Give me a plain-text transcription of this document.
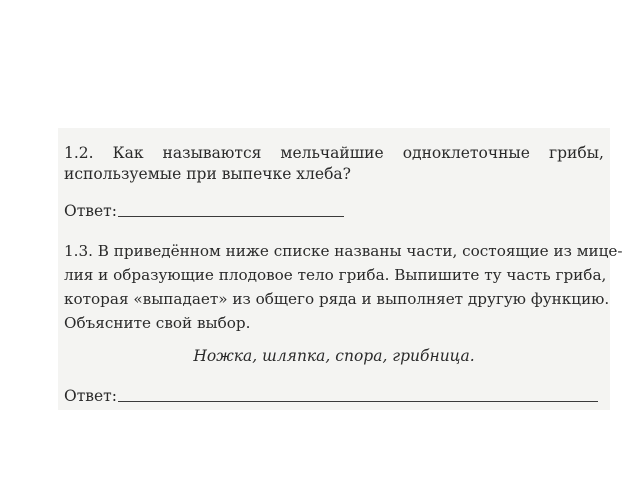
1.2. Как называются мельчайшие одноклеточные грибы,
используемые при выпечке хлеба?
Ответ:
1.3. В приведённом ниже списке названы части, состоящие из мице-
лия и образующие плодовое тело гриба. Выпишите ту часть гриба,
которая «выпадает» из общего ряда и выполняет другую функцию.
Объясните свой выбор.
Ножка, шляпка, спора, грибница.
Ответ:
